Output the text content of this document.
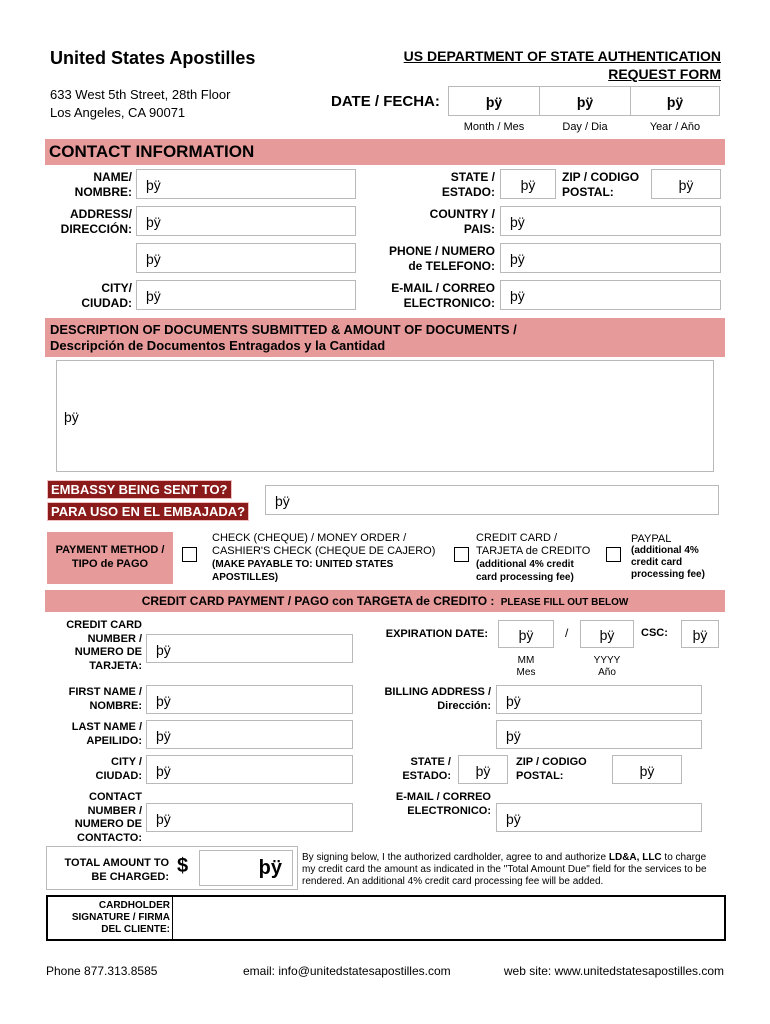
United States Apostilles
633 West 5th Street, 28th Floor
Los Angeles, CA 90071
US DEPARTMENT OF STATE AUTHENTICATION
REQUEST FORM
DATE / FECHA:	þÿ	þÿ	þÿ
Month / Mes	Day / Dia	Year / Aňo
CONTACT INFORMATION
NAME/
NOMBRE:	þÿ
ADDRESS/
DIRECCIÓN:	þÿ
þÿ
CITY/
CIUDAD:	þÿ
STATE /
ESTADO:	þÿ	ZIP / CODIGO
POSTAL:	þÿ
COUNTRY /
PAIS:	þÿ
PHONE / NUMERO
de TELEFONO:	þÿ
E-MAIL / CORREO
ELECTRONICO:	þÿ
DESCRIPTION OF DOCUMENTS SUBMITTED & AMOUNT OF DOCUMENTS /
Descripción de Documentos Entragados y la Cantidad
þÿ
EMBASSY BEING SENT TO?
PARA USO EN EL EMBAJADA?
þÿ
PAYMENT METHOD /
TIPO de PAGO
CHECK (CHEQUE) / MONEY ORDER /
CASHIER'S CHECK (CHEQUE DE CAJERO)
(MAKE PAYABLE TO: UNITED STATES
APOSTILLES)
CREDIT CARD /
TARJETA de CREDITO
(additional 4% credit
card processing fee)
PAYPAL
(additional 4%
credit card
processing fee)
CREDIT CARD PAYMENT / PAGO con TARGETA de CREDITO : PLEASE FILL OUT BELOW
CREDIT CARD
NUMBER /
NUMERO DE
TARJETA:
þÿ
EXPIRATION DATE:	þÿ	/	þÿ	CSC:	þÿ
MM
Mes
YYYY
Año
FIRST NAME /
NOMBRE:	þÿ
LAST NAME /
APEILIDO:	þÿ
CITY /
CIUDAD:	þÿ
CONTACT
NUMBER /
NUMERO DE
CONTACTO:
þÿ
BILLING ADDRESS /
Dirección:	þÿ
þÿ
STATE /
ESTADO:	þÿ
ZIP / CODIGO
POSTAL:	þÿ
E-MAIL / CORREO
ELECTRONICO:
þÿ
TOTAL AMOUNT TO
BE CHARGED: $	þÿ	By signing below, I the authorized cardholder, agree to and authorize LD&A, LLC to charge my credit card the amount as indicated in the "Total Amount Due" field for the services to be rendered. An additional 4% credit card processing fee will be added.
CARDHOLDER
SIGNATURE / FIRMA
DEL CLIENTE:
Phone 877.313.8585	email: info@unitedstatesapostilles.com	web site: www.unitedstatesapostilles.com
